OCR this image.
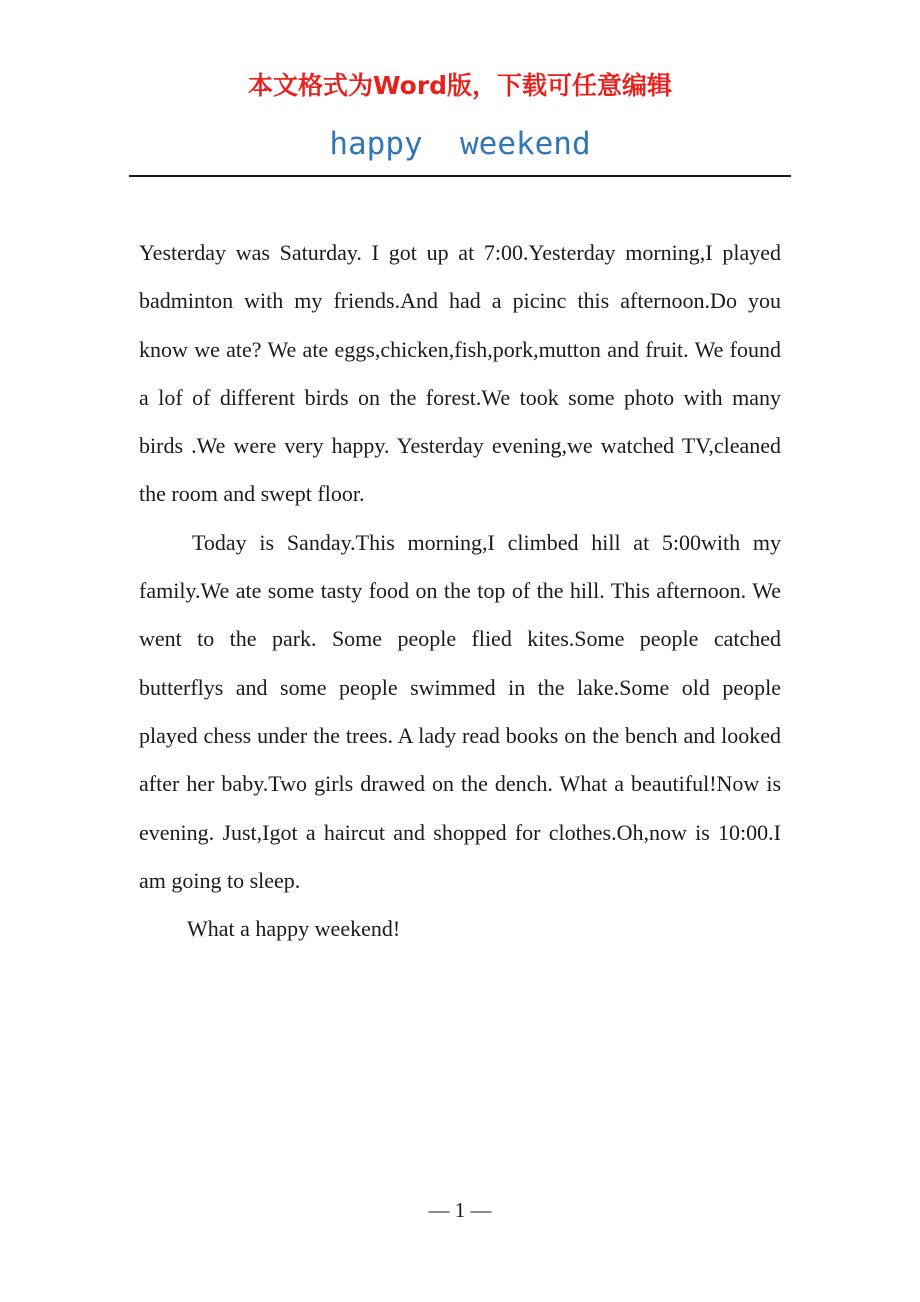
本文格式为Word版，下载可任意编辑
happy  weekend

Yesterday was Saturday. I got up at 7:00.Yesterday morning,I played badminton with my friends.And had a picinc this afternoon.Do you know we ate? We ate eggs,chicken,fish,pork,mutton and fruit. We found a lof of different birds on the forest.We took some photo with many birds .We were very happy. Yesterday evening,we watched TV,cleaned the room and swept floor.

Today is Sanday.This morning,I climbed hill at 5:00with my family.We ate some tasty food on the top of the hill. This afternoon. We went to the park. Some people flied kites.Some people catched butterflys and some people swimmed in the lake.Some old people played chess under the trees. A lady read books on the bench and looked after her baby.Two girls drawed on the dench. What a beautiful!Now is evening. Just,Igot a haircut and shopped for clothes.Oh,now is 10:00.I am going to sleep.

What a happy weekend!

— 1 —
